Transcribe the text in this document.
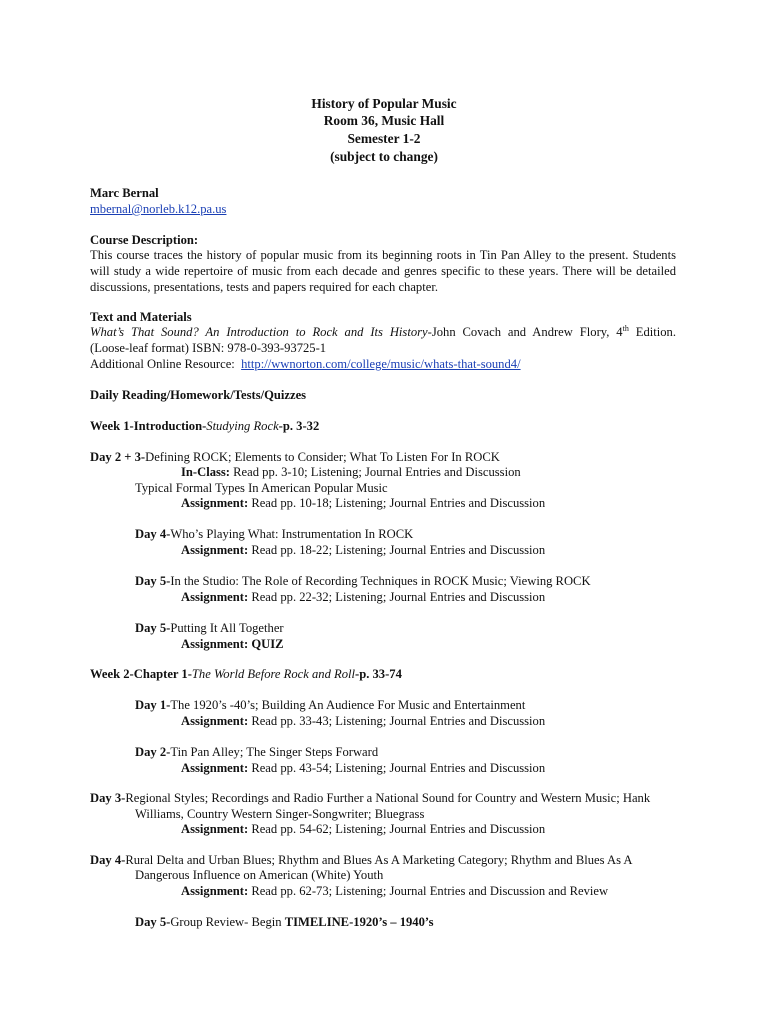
History of Popular Music
Room 36, Music Hall
Semester 1-2
(subject to change)
Marc Bernal
mbernal@norleb.k12.pa.us
Course Description:
This course traces the history of popular music from its beginning roots in Tin Pan Alley to the present. Students
will study a wide repertoire of music from each decade and genres specific to these years. There will be detailed
discussions, presentations, tests and papers required for each chapter.
Text and Materials
What’s That Sound? An Introduction to Rock and Its History-John Covach and Andrew Flory, 4th Edition.
(Loose-leaf format) ISBN: 978-0-393-93725-1
Additional Online Resource:  http://wwnorton.com/college/music/whats-that-sound4/
Daily Reading/Homework/Tests/Quizzes
Week 1-Introduction-Studying Rock-p. 3-32
Day 2 + 3-Defining ROCK; Elements to Consider; What To Listen For In ROCK
In-Class: Read pp. 3-10; Listening; Journal Entries and Discussion
Typical Formal Types In American Popular Music
Assignment: Read pp. 10-18; Listening; Journal Entries and Discussion
Day 4-Who’s Playing What: Instrumentation In ROCK
Assignment: Read pp. 18-22; Listening; Journal Entries and Discussion
Day 5-In the Studio: The Role of Recording Techniques in ROCK Music; Viewing ROCK
Assignment: Read pp. 22-32; Listening; Journal Entries and Discussion
Day 5-Putting It All Together
Assignment: QUIZ
Week 2-Chapter 1-The World Before Rock and Roll-p. 33-74
Day 1-The 1920’s -40’s; Building An Audience For Music and Entertainment
Assignment: Read pp. 33-43; Listening; Journal Entries and Discussion
Day 2-Tin Pan Alley; The Singer Steps Forward
Assignment: Read pp. 43-54; Listening; Journal Entries and Discussion
Day 3-Regional Styles; Recordings and Radio Further a National Sound for Country and Western Music; Hank
Williams, Country Western Singer-Songwriter; Bluegrass
Assignment: Read pp. 54-62; Listening; Journal Entries and Discussion
Day 4-Rural Delta and Urban Blues; Rhythm and Blues As A Marketing Category; Rhythm and Blues As A
Dangerous Influence on American (White) Youth
Assignment: Read pp. 62-73; Listening; Journal Entries and Discussion and Review
Day 5-Group Review- Begin TIMELINE-1920’s – 1940’s
